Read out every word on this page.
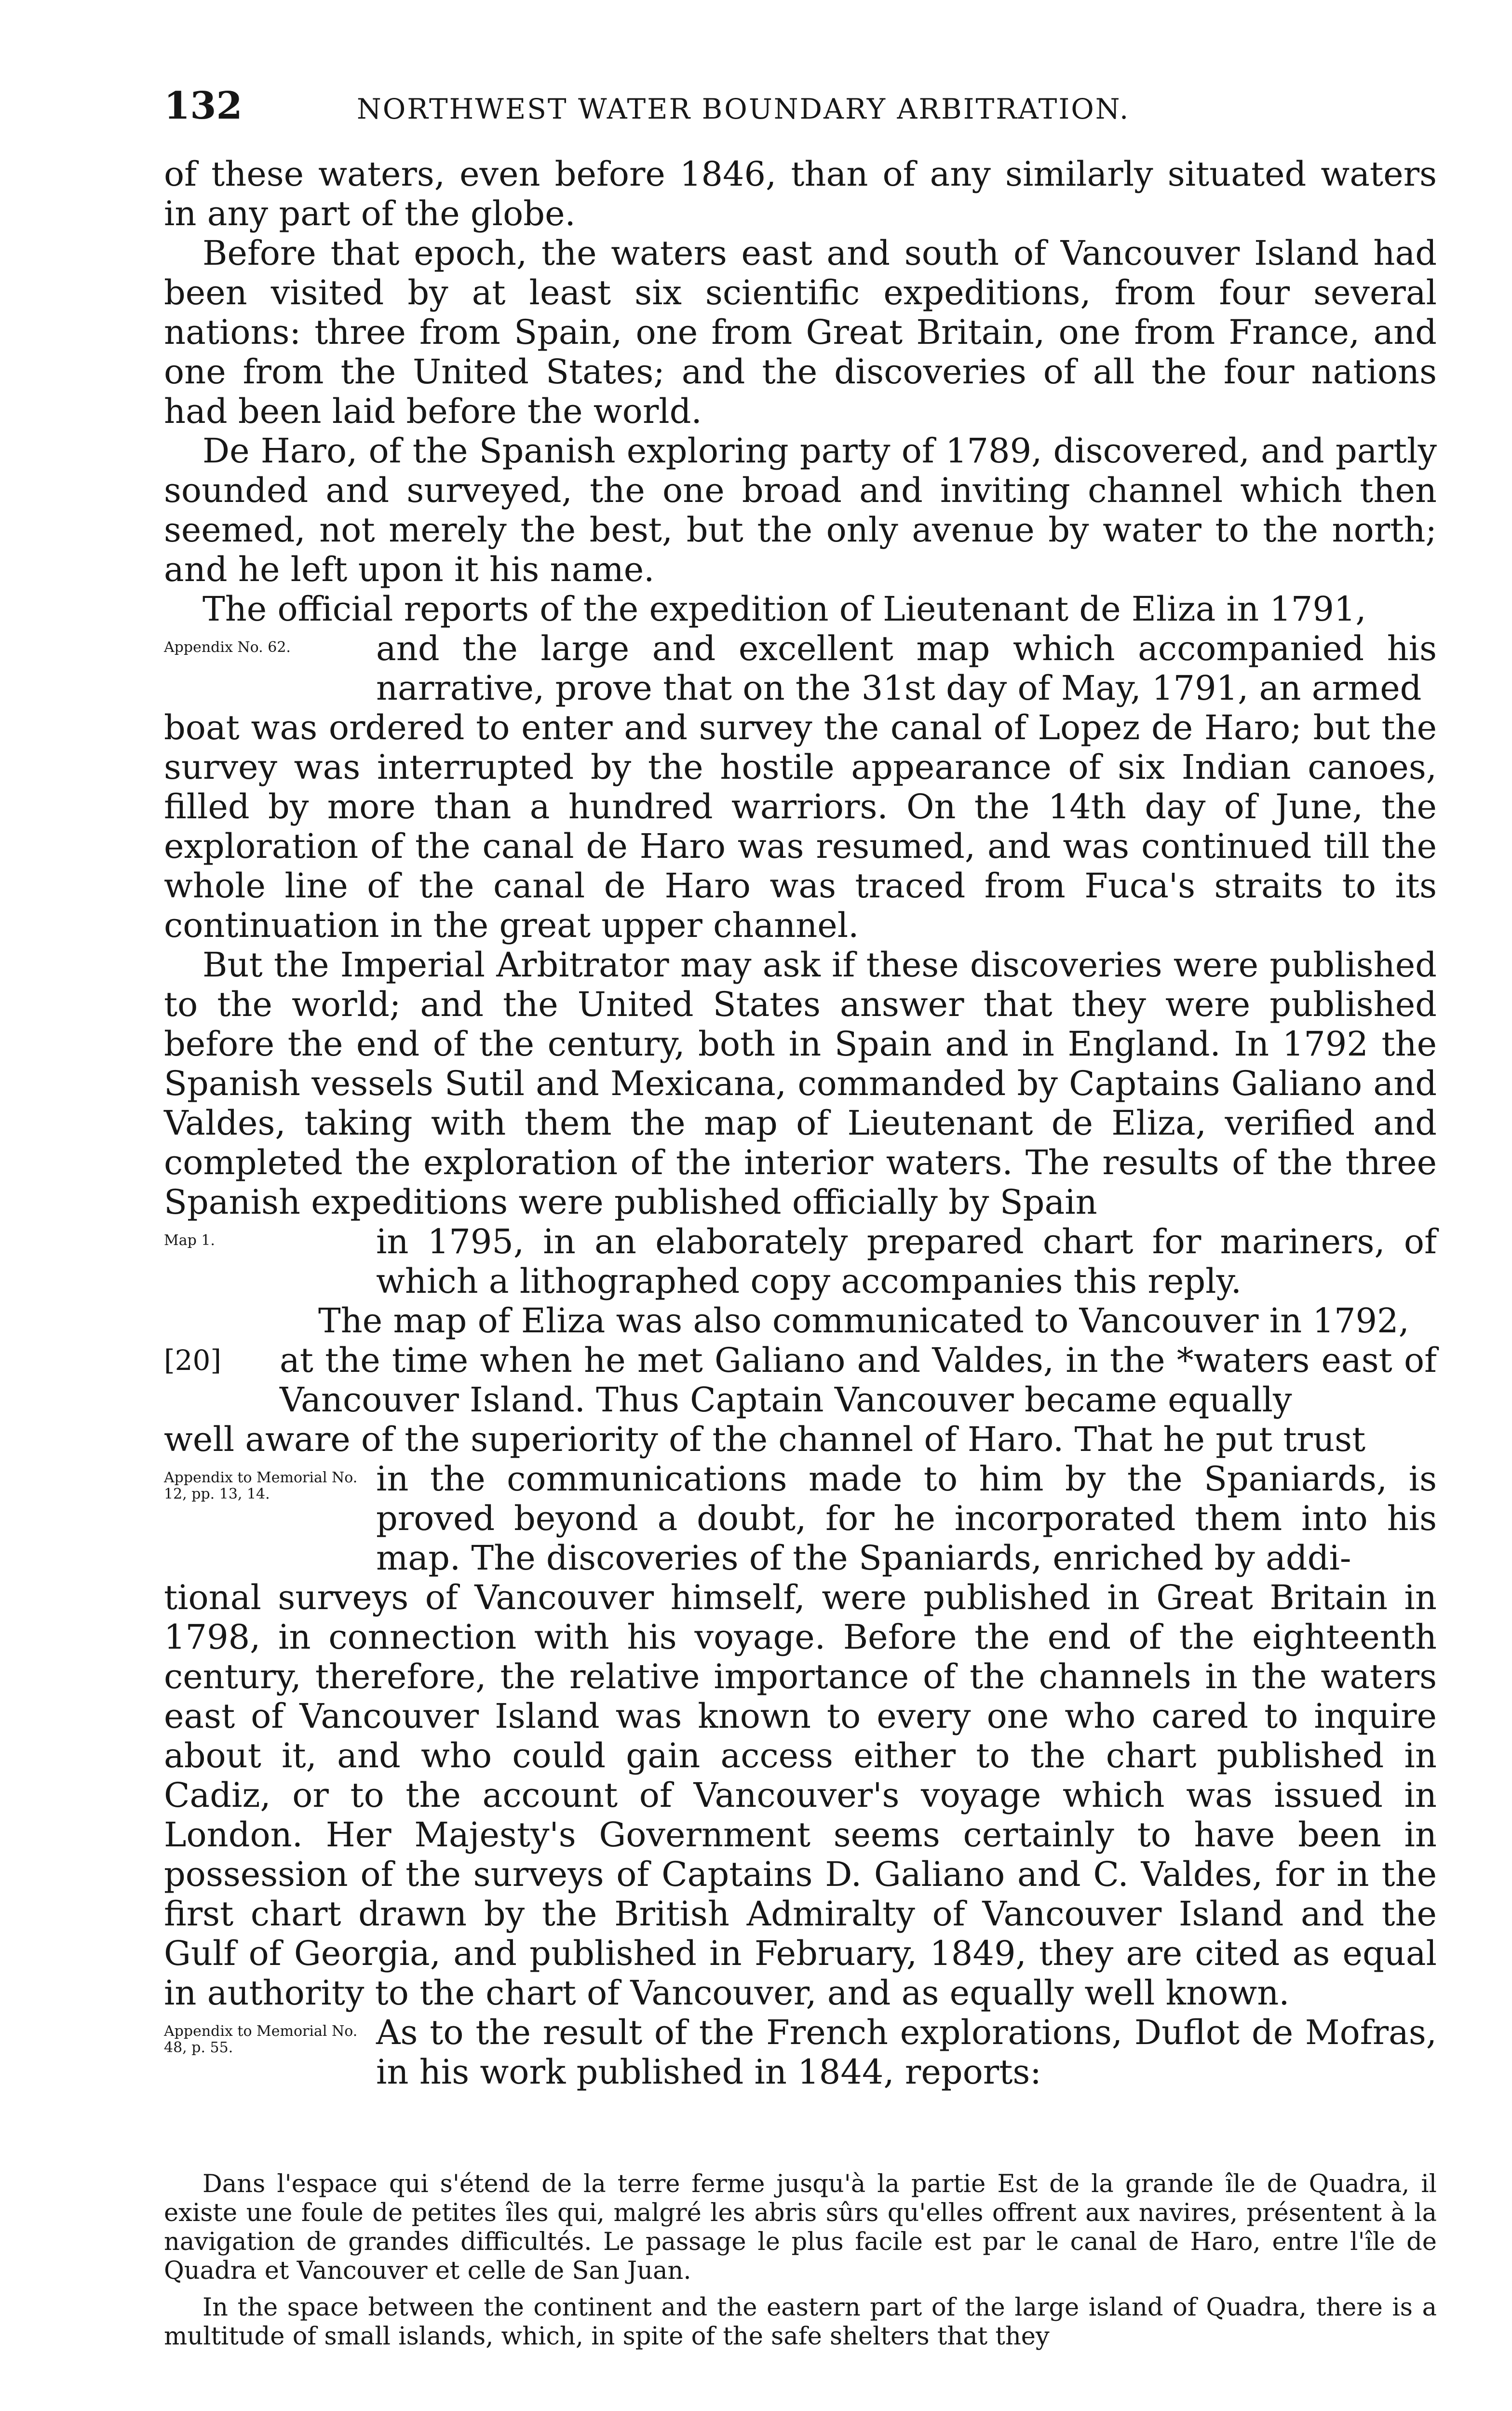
132	NORTHWEST WATER BOUNDARY ARBITRATION.

of these waters, even before 1846, than of any similarly situated waters in any part of the globe.

Before that epoch, the waters east and south of Vancouver Island had been visited by at least six scientific expeditions, from four several nations: three from Spain, one from Great Britain, one from France, and one from the United States; and the discoveries of all the four nations had been laid before the world.

De Haro, of the Spanish exploring party of 1789, discovered, and partly sounded and surveyed, the one broad and inviting channel which then seemed, not merely the best, but the only avenue by water to the north; and he left upon it his name.

The official reports of the expedition of Lieutenant de Eliza in 1791,

Appendix No. 62.	and the large and excellent map which accompanied his narrative, prove that on the 31st day of May, 1791, an armed

boat was ordered to enter and survey the canal of Lopez de Haro; but the survey was interrupted by the hostile appearance of six Indian canoes, filled by more than a hundred warriors. On the 14th day of June, the exploration of the canal de Haro was resumed, and was continued till the whole line of the canal de Haro was traced from Fuca's straits to its continuation in the great upper channel.

But the Imperial Arbitrator may ask if these discoveries were published to the world; and the United States answer that they were published before the end of the century, both in Spain and in England. In 1792 the Spanish vessels Sutil and Mexicana, commanded by Captains Galiano and Valdes, taking with them the map of Lieutenant de Eliza, verified and completed the exploration of the interior waters. The results of the three Spanish expeditions were published officially by Spain

Map 1.	in 1795, in an elaborately prepared chart for mariners, of which a lithographed copy accompanies this reply.

The map of Eliza was also communicated to Vancouver in 1792,

[20]	at the time when he met Galiano and Valdes, in the *waters east of Vancouver Island. Thus Captain Vancouver became equally

well aware of the superiority of the channel of Haro. That he put trust

Appendix to Memorial No. 12, pp. 13, 14.	in the communications made to him by the Spaniards, is proved beyond a doubt, for he incorporated them into his map. The discoveries of the Spaniards, enriched by addi-

tional surveys of Vancouver himself, were published in Great Britain in 1798, in connection with his voyage. Before the end of the eighteenth century, therefore, the relative importance of the channels in the waters east of Vancouver Island was known to every one who cared to inquire about it, and who could gain access either to the chart published in Cadiz, or to the account of Vancouver's voyage which was issued in London. Her Majesty's Government seems certainly to have been in possession of the surveys of Captains D. Galiano and C. Valdes, for in the first chart drawn by the British Admiralty of Vancouver Island and the Gulf of Georgia, and published in February, 1849, they are cited as equal in authority to the chart of Vancouver, and as equally well known.

Appendix to Memorial No. 48, p. 55.	As to the result of the French explorations, Duflot de Mofras, in his work published in 1844, reports:

Dans l'espace qui s'étend de la terre ferme jusqu'à la partie Est de la grande île de Quadra, il existe une foule de petites îles qui, malgré les abris sûrs qu'elles offrent aux navires, présentent à la navigation de grandes difficultés. Le passage le plus facile est par le canal de Haro, entre l'île de Quadra et Vancouver et celle de San Juan.

In the space between the continent and the eastern part of the large island of Quadra, there is a multitude of small islands, which, in spite of the safe shelters that they
